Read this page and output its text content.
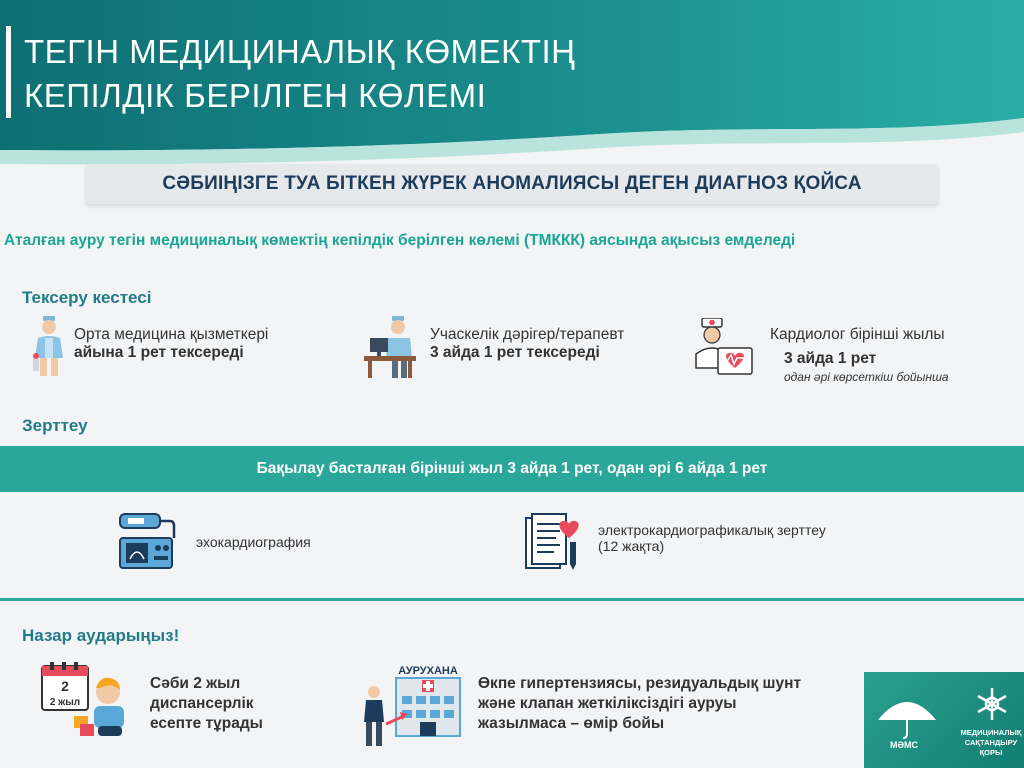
ТЕГІН МЕДИЦИНАЛЫҚ КӨМЕКТІҢ
КЕПІЛДІК БЕРІЛГЕН КӨЛЕМІ
СӘБИІҢІЗГЕ ТУА БІТКЕН ЖҮРЕК АНОМАЛИЯСЫ ДЕГЕН ДИАГНОЗ ҚОЙСА
Аталған ауру тегін медициналық көмектің кепілдік берілген көлемі (ТМККК) аясында ақысыз емделеді
Тексеру кестесі
Орта медицина қызметкері
айына 1 рет тексереді
Учаскелік дәрігер/терапевт
3 айда 1 рет тексереді
Кардиолог бірінші жылы
3 айда 1 рет
одан әрі көрсеткіш бойынша
Зерттеу
Бақылау басталған бірінші жыл 3 айда 1 рет, одан әрі 6 айда 1 рет
эхокардиография
электрокардиографикалық зерттеу
(12 жақта)
Назар аударыңыз!
2
2 жыл
Сәби 2 жыл
диспансерлік
есепте тұрады
АУРУХАНА
Өкпе гипертензиясы, резидуальдық шунт
және клапан жеткіліксіздігі ауруы
жазылмаса – өмір бойы
МӘМС
МЕДИЦИНАЛЫҚ
САҚТАНДЫРУ
ҚОРЫ
